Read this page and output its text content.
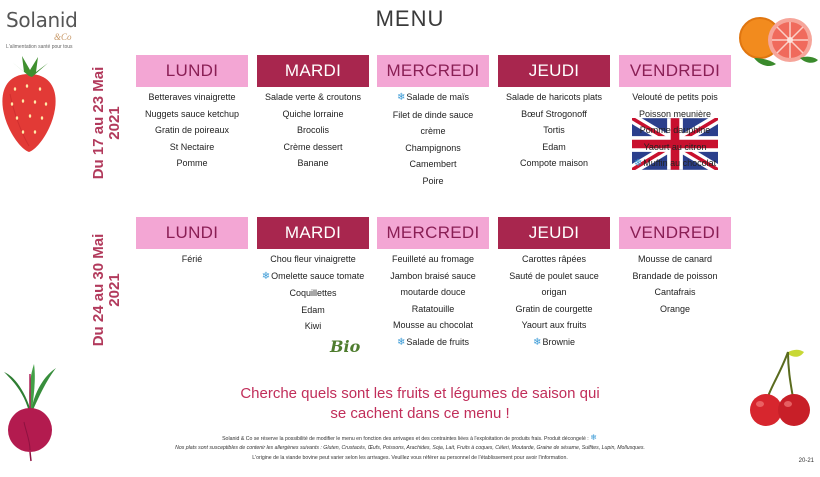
Solanid
&Co
L'alimentation santé pour tous
MENU
Du 17 au 23 Mai 2021
Du 24 au 30 Mai 2021
LUNDI
Betteraves vinaigrette
Nuggets sauce ketchup
Gratin de poireaux
St Nectaire
Pomme
MARDI
Salade verte & croutons
Quiche lorraine
Brocolis
Crème dessert
Banane
MERCREDI
❄Salade de maïs
Filet de dinde sauce
crème
Champignons
Camembert
Poire
JEUDI
Salade de haricots plats
Bœuf Strogonoff
Tortis
Edam
Compote maison
VENDREDI
Velouté de petits pois
Poisson meunière
Pomme dauphine
Yaourt au citron
❄Muffin au chocolat
LUNDI
Férié
MARDI
Chou fleur vinaigrette
❄Omelette sauce tomate
Coquillettes
Edam
Kiwi
MERCREDI
Feuilleté au fromage
Jambon braisé sauce
moutarde douce
Ratatouille
Mousse au chocolat
❄Salade de fruits
JEUDI
Carottes râpées
Sauté de poulet sauce
origan
Gratin de courgette
Yaourt aux fruits
❄Brownie
VENDREDI
Mousse de canard
Brandade de poisson
Cantafrais
Orange
Bio
Cherche quels sont les fruits et légumes de saison qui
se cachent dans ce menu !
Solanid & Co se réserve la possibilité de modifier le menu en fonction des arrivages et des contraintes liées à l'exploitation de produits frais. Produit décongelé : ❄
Nos plats sont susceptibles de contenir les allergènes suivants : Gluten, Crustacés, Œufs, Poissons, Arachides, Soja, Lait, Fruits à coques, Céleri, Moutarde, Graine de sésame, Sulfites, Lupin, Mollusques.
L'origine de la viande bovine peut varier selon les arrivages. Veuillez vous référer au personnel de l'établissement pour avoir l'information.	20-21
